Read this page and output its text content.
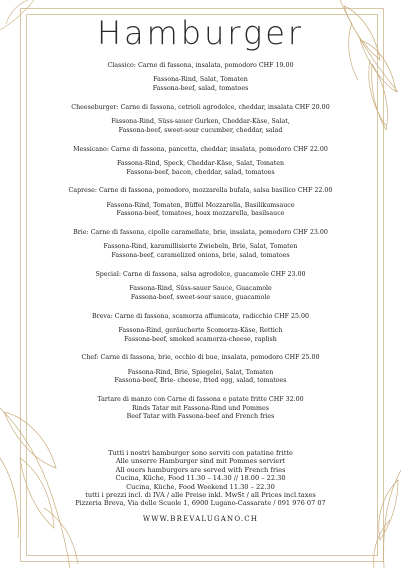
Hamburger
Classico: Carne di fassona, insalata, pomodoro CHF 19.00
Fassona-Rind, Salat, Tomaten
Fassona-beef, salad, tomatoes
Cheeseburger: Carne di fassona, cetrioli agrodolce, cheddar, insalata CHF 20.00
Fassona-Rind, Süss-sauer Gurken, Cheddar-Käse, Salat,
Fassona-beef, sweet-sour cucumber, cheddar, salad
Messicano: Carne di fassona, pancetta, cheddar, insalata, pomodoro CHF 22.00
Fassona-Rind, Speck, Cheddar-Käse, Salat, Tomaten
Fassona-beef, bacon, cheddar, salad, tomatoes
Caprese: Carne di fassona, pomodoro, mozzarella bufala, salsa basilico CHF 22.00
Fassona-Rind, Tomaten, Büffel Mozzarella, Basilikumsauce
Fassona-beef, tomatoes, hoax mozzarella, basilsauce
Brie: Carne di fassona, cipolle caramellate, brie, insalata, pomodoro CHF 23.00
Fassona-Rind, karamillisierte Zwiebeln, Brie, Salat, Tomaten
Fassona-beef, caramelized onions, brie, salad, tomatoes
Special: Carne di fassona, salsa agrodolce, guacamole CHF 23.00
Fassona-Rind, Süss-sauer Sauce, Guacamole
Fassona-beef, sweet-sour sauce, guacamole
Breva: Carne di fassona, scamorza affumicata, radicchio CHF 25.00
Fassona-Rind, geräucherte Scomorza-Käse, Rettich
Fassona-beef, smoked scamorza-cheese, raplish
Chef: Carne di fassona, brie, occhio di bue, insalata, pomodoro CHF 25.00
Fassona-Rind, Brie, Spiegelei, Salat, Tomaten
Fassona-beef, Brie- cheese, fried egg, salad, tomatoes
Tartare di manzo con Carne di fassona e patate fritte CHF 32.00
Rinds Tatar mit Fassona-Rind und Pommes
Beef Tatar with Fassona-beef and French fries
Tutti i nostri hamburger sono serviti con patatine fritte
Alle unserre Hamburger sind mit Pommes serviert
All ouers hamburgers are served with French fries
Cucina, Küche, Food 11.30 – 14.30 // 18.00 – 22.30
Cucina, Küche, Food Weekend 11.30 – 22.30
tutti i prezzi incl. di IVA / alle Preise inkl. MwSt / all Prices incl.taxes
Pizzeria Breva, Via delle Scuole 1, 6900 Lugano-Cassarate / 091 976 07 07
WWW.BREVALUGANO.CH
